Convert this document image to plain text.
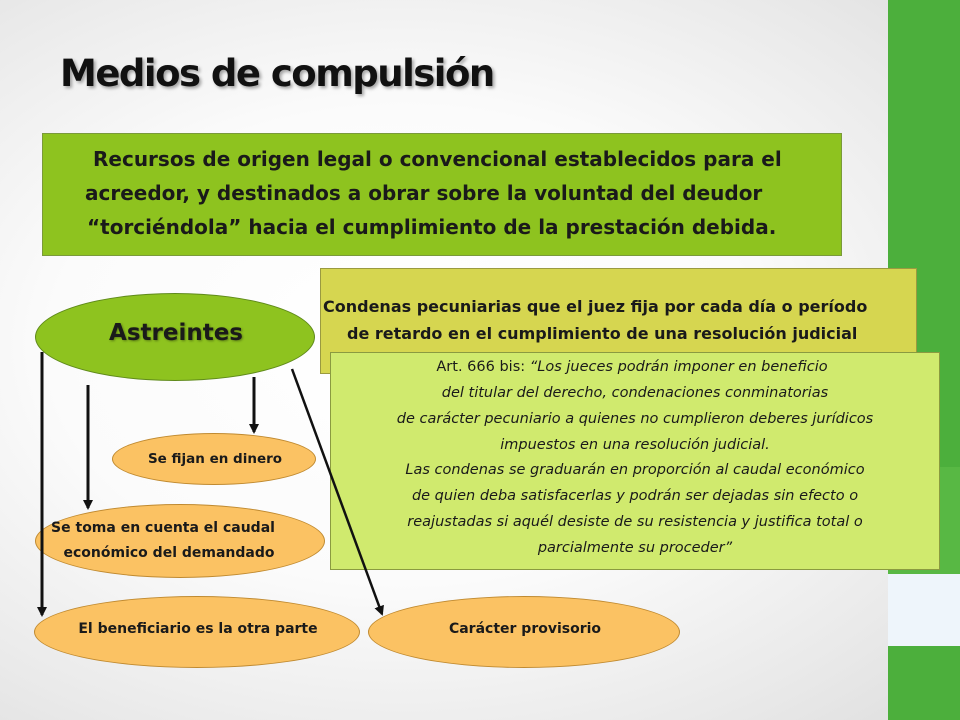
Medios de compulsión
Recursos de origen legal o convencional establecidos para el
acreedor, y destinados a obrar sobre la voluntad del deudor
“torciéndola” hacia el cumplimiento de la prestación debida.
Condenas pecuniarias que el juez fija por cada día o período
de retardo en el cumplimiento de una resolución judicial
Art. 666 bis: “Los jueces podrán imponer en beneficio
del titular del derecho, condenaciones conminatorias
de carácter pecuniario a quienes no cumplieron deberes jurídicos
impuestos en una resolución judicial.
Las condenas se graduarán en proporción al caudal económico
de quien deba satisfacerlas y podrán ser dejadas sin efecto o
reajustadas si aquél desiste de su resistencia y justifica total o
parcialmente su proceder”
Astreintes
Se fijan en dinero
Se toma en cuenta el caudal
económico del demandado
El beneficiario es la otra parte	Carácter provisorio
